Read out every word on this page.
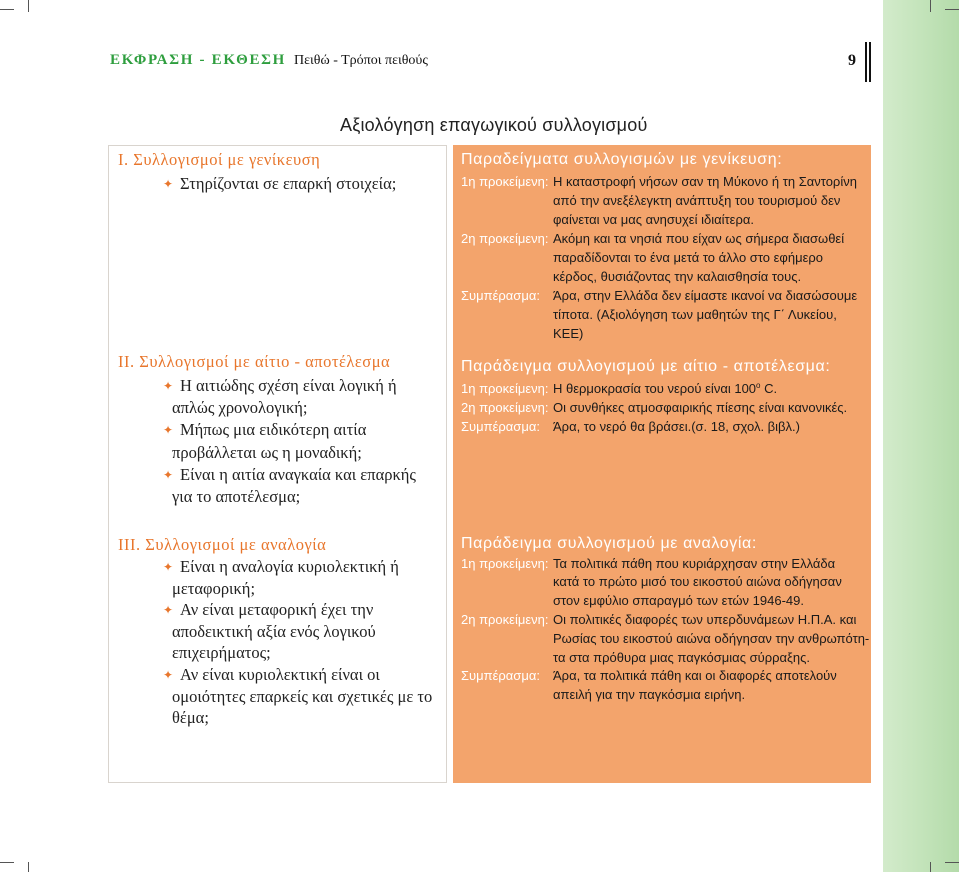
ΕΚΦΡΑΣΗ - ΕΚΘΕΣΗ Πειθώ - Τρόποι πειθούς	9
Αξιολόγηση επαγωγικού συλλογισμού
Ι. Συλλογισμοί με γενίκευση
✦
Στηρίζονται σε επαρκή στοιχεία;
ΙΙ. Συλλογισμοί με αίτιο - αποτέλεσμα
✦
Η αιτιώδης σχέση είναι λογική ή
απλώς χρονολογική;
✦
Μήπως μια ειδικότερη αιτία
προβάλλεται ως η μοναδική;
✦
Είναι η αιτία αναγκαία και επαρκής
για το αποτέλεσμα;
ΙΙΙ. Συλλογισμοί με αναλογία
✦
Είναι η αναλογία κυριολεκτική ή
μεταφορική;
✦
Αν είναι μεταφορική έχει την
αποδεικτική αξία ενός λογικού
επιχειρήματος;
✦
Αν είναι κυριολεκτική είναι οι
ομοιότητες επαρκείς και σχετικές με το
θέμα;
Παραδείγματα συλλογισμών με γενίκευση:
1η προκείμενη: Η καταστροφή νήσων σαν τη Μύκονο ή τη Σαντορίνη
από την ανεξέλεγκτη ανάπτυξη του τουρισμού δεν
φαίνεται να μας ανησυχεί ιδιαίτερα.
2η προκείμενη: Ακόμη και τα νησιά που είχαν ως σήμερα διασωθεί
παραδίδονται το ένα μετά το άλλο στο εφήμερο
κέρδος, θυσιάζοντας την καλαισθησία τους.
Συμπέρασμα:	Άρα, στην Ελλάδα δεν είμαστε ικανοί να διασώσουμε
τίποτα. (Αξιολόγηση των μαθητών της Γ΄ Λυκείου,
ΚΕΕ)
Παράδειγμα συλλογισμού με αίτιο - αποτέλεσμα:
1η προκείμενη: Η θερμοκρασία του νερού είναι 100$^o$ C.
2η προκείμενη: Οι συνθήκες ατμοσφαιρικής πίεσης είναι κανονικές.
Συμπέρασμα:	Άρα, το νερό θα βράσει.(σ. 18, σχολ. βιβλ.)
Παράδειγμα συλλογισμού με αναλογία:
1η προκείμενη: Τα πολιτικά πάθη που κυριάρχησαν στην Ελλάδα
κατά το πρώτο μισό του εικοστού αιώνα οδήγησαν
στον εμφύλιο σπαραγμό των ετών 1946-49.
2η προκείμενη: Οι πολιτικές διαφορές των υπερδυνάμεων Η.Π.Α. και
Ρωσίας του εικοστού αιώνα οδήγησαν την ανθρωπότη-
τα στα πρόθυρα μιας παγκόσμιας σύρραξης.
Συμπέρασμα:	Άρα, τα πολιτικά πάθη και οι διαφορές αποτελούν
απειλή για την παγκόσμια ειρήνη.
